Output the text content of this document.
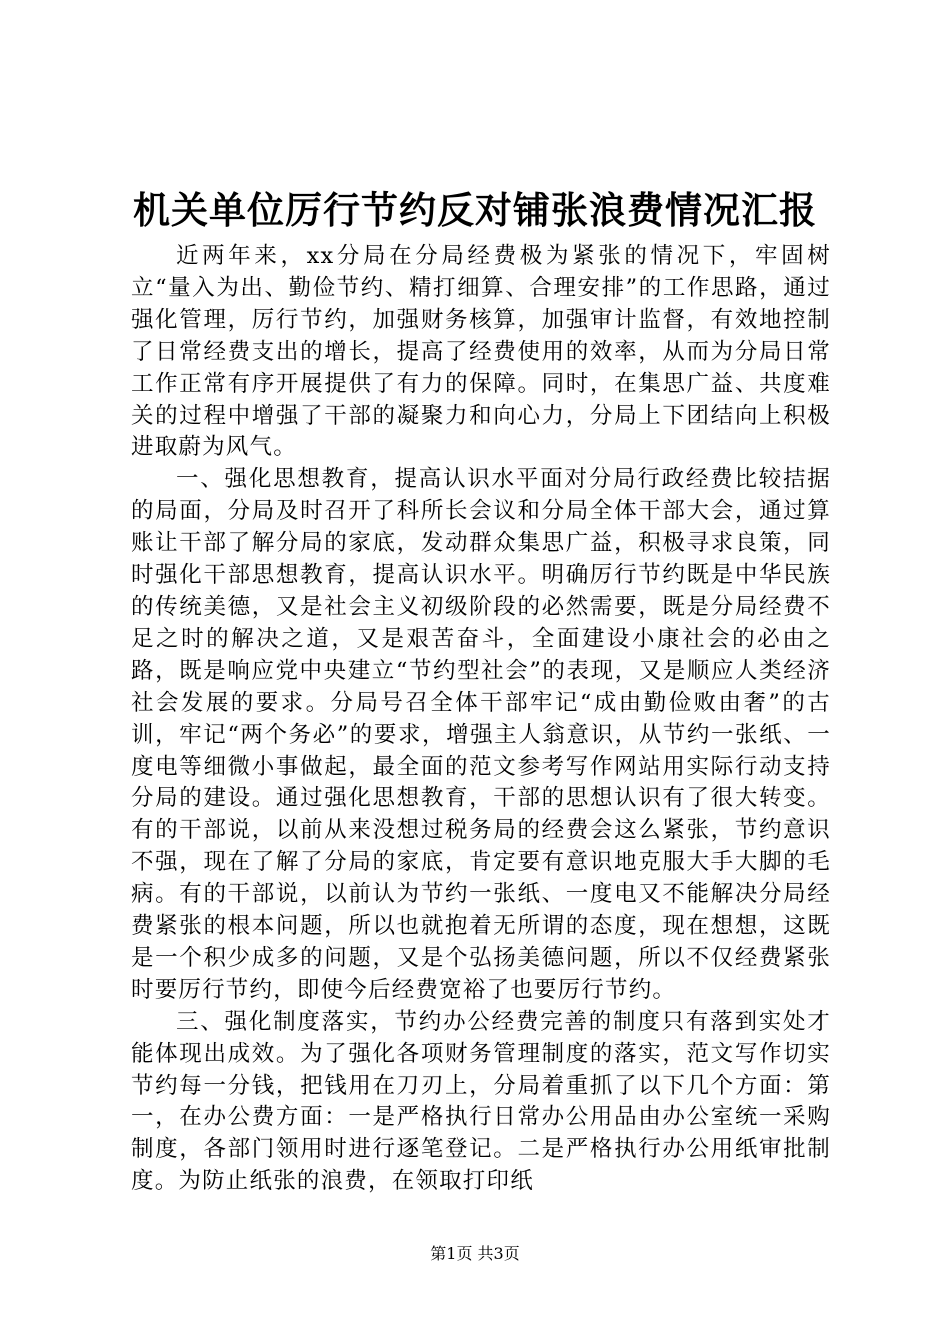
机关单位厉行节约反对铺张浪费情况汇报

近两年来，xx分局在分局经费极为紧张的情况下，牢固树立“量入为出、勤俭节约、精打细算、合理安排”的工作思路，通过强化管理，厉行节约，加强财务核算，加强审计监督，有效地控制了日常经费支出的增长，提高了经费使用的效率，从而为分局日常工作正常有序开展提供了有力的保障。同时，在集思广益、共度难关的过程中增强了干部的凝聚力和向心力，分局上下团结向上积极进取蔚为风气。

一、强化思想教育，提高认识水平面对分局行政经费比较拮据的局面，分局及时召开了科所长会议和分局全体干部大会，通过算账让干部了解分局的家底，发动群众集思广益，积极寻求良策，同时强化干部思想教育，提高认识水平。明确厉行节约既是中华民族的传统美德，又是社会主义初级阶段的必然需要，既是分局经费不足之时的解决之道，又是艰苦奋斗，全面建设小康社会的必由之路，既是响应党中央建立“节约型社会”的表现，又是顺应人类经济社会发展的要求。分局号召全体干部牢记“成由勤俭败由奢”的古训，牢记“两个务必”的要求，增强主人翁意识，从节约一张纸、一度电等细微小事做起，最全面的范文参考写作网站用实际行动支持分局的建设。通过强化思想教育，干部的思想认识有了很大转变。有的干部说，以前从来没想过税务局的经费会这么紧张，节约意识不强，现在了解了分局的家底，肯定要有意识地克服大手大脚的毛病。有的干部说，以前认为节约一张纸、一度电又不能解决分局经费紧张的根本问题，所以也就抱着无所谓的态度，现在想想，这既是一个积少成多的问题，又是个弘扬美德问题，所以不仅经费紧张时要厉行节约，即使今后经费宽裕了也要厉行节约。

三、强化制度落实，节约办公经费完善的制度只有落到实处才能体现出成效。为了强化各项财务管理制度的落实，范文写作切实节约每一分钱，把钱用在刀刃上，分局着重抓了以下几个方面：第一，在办公费方面：一是严格执行日常办公用品由办公室统一采购制度，各部门领用时进行逐笔登记。二是严格执行办公用纸审批制度。为防止纸张的浪费，在领取打印纸

第1页 共3页
